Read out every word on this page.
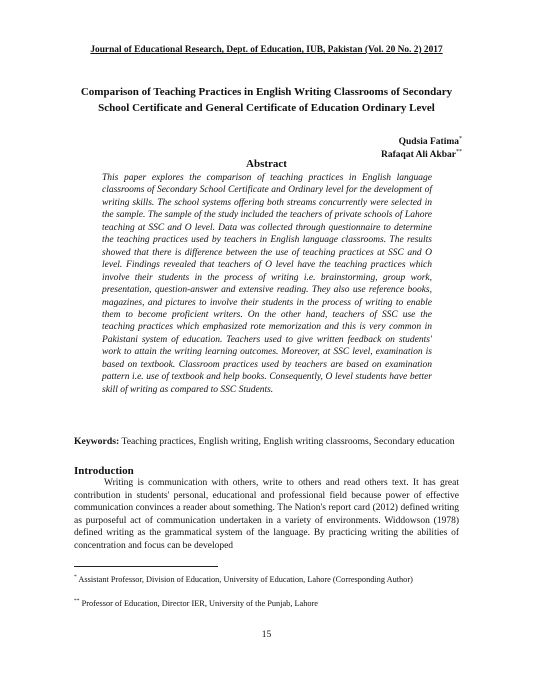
Journal of Educational Research, Dept. of Education, IUB, Pakistan (Vol. 20 No. 2) 2017
Comparison of Teaching Practices in English Writing Classrooms of Secondary School Certificate and General Certificate of Education Ordinary Level
Qudsia Fatima*
Rafaqat Ali Akbar**
Abstract
This paper explores the comparison of teaching practices in English language classrooms of Secondary School Certificate and Ordinary level for the development of writing skills. The school systems offering both streams concurrently were selected in the sample. The sample of the study included the teachers of private schools of Lahore teaching at SSC and O level. Data was collected through questionnaire to determine the teaching practices used by teachers in English language classrooms. The results showed that there is difference between the use of teaching practices at SSC and O level. Findings revealed that teachers of O level have the teaching practices which involve their students in the process of writing i.e. brainstorming, group work, presentation, question-answer and extensive reading. They also use reference books, magazines, and pictures to involve their students in the process of writing to enable them to become proficient writers. On the other hand, teachers of SSC use the teaching practices which emphasized rote memorization and this is very common in Pakistani system of education. Teachers used to give written feedback on students' work to attain the writing learning outcomes. Moreover, at SSC level, examination is based on textbook. Classroom practices used by teachers are based on examination pattern i.e. use of textbook and help books. Consequently, O level students have better skill of writing as compared to SSC Students.
Keywords: Teaching practices, English writing, English writing classrooms, Secondary education
Introduction
Writing is communication with others, write to others and read others text. It has great contribution in students' personal, educational and professional field because power of effective communication convinces a reader about something. The Nation's report card (2012) defined writing as purposeful act of communication undertaken in a variety of environments. Widdowson (1978) defined writing as the grammatical system of the language. By practicing writing the abilities of concentration and focus can be developed
* Assistant Professor, Division of Education, University of Education, Lahore (Corresponding Author)
** Professor of Education, Director IER, University of the Punjab, Lahore
15
